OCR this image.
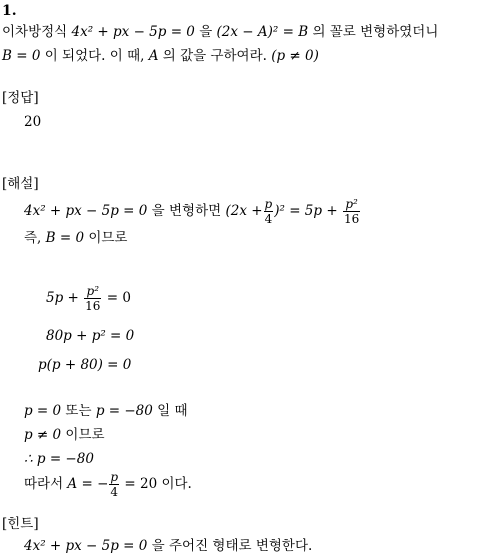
1.
이차방정식 4x² + px − 5p = 0 을 (2x − A)² = B 의 꼴로 변형하였더니
B = 0 이 되었다. 이 때, A 의 값을 구하여라. (p ≠ 0)
[정답]
20
[해설]
4x² + px − 5p = 0 을 변형하면 $(2x + \frac{p}{4} )^2 = 5p + \frac{\text{p²}}{16}$
즉, B = 0 이므로
$5p + \frac{\text{p²}}{16} = 0$
80p + p² = 0
p(p + 80) = 0
p = 0 또는 p = −80 일 때
p ≠ 0 이므로
∴ p = −80
따라서 A = − $\frac{p}{4} = 20$ 이다.
[힌트]
4x² + px − 5p = 0 을 주어진 형태로 변형한다.
